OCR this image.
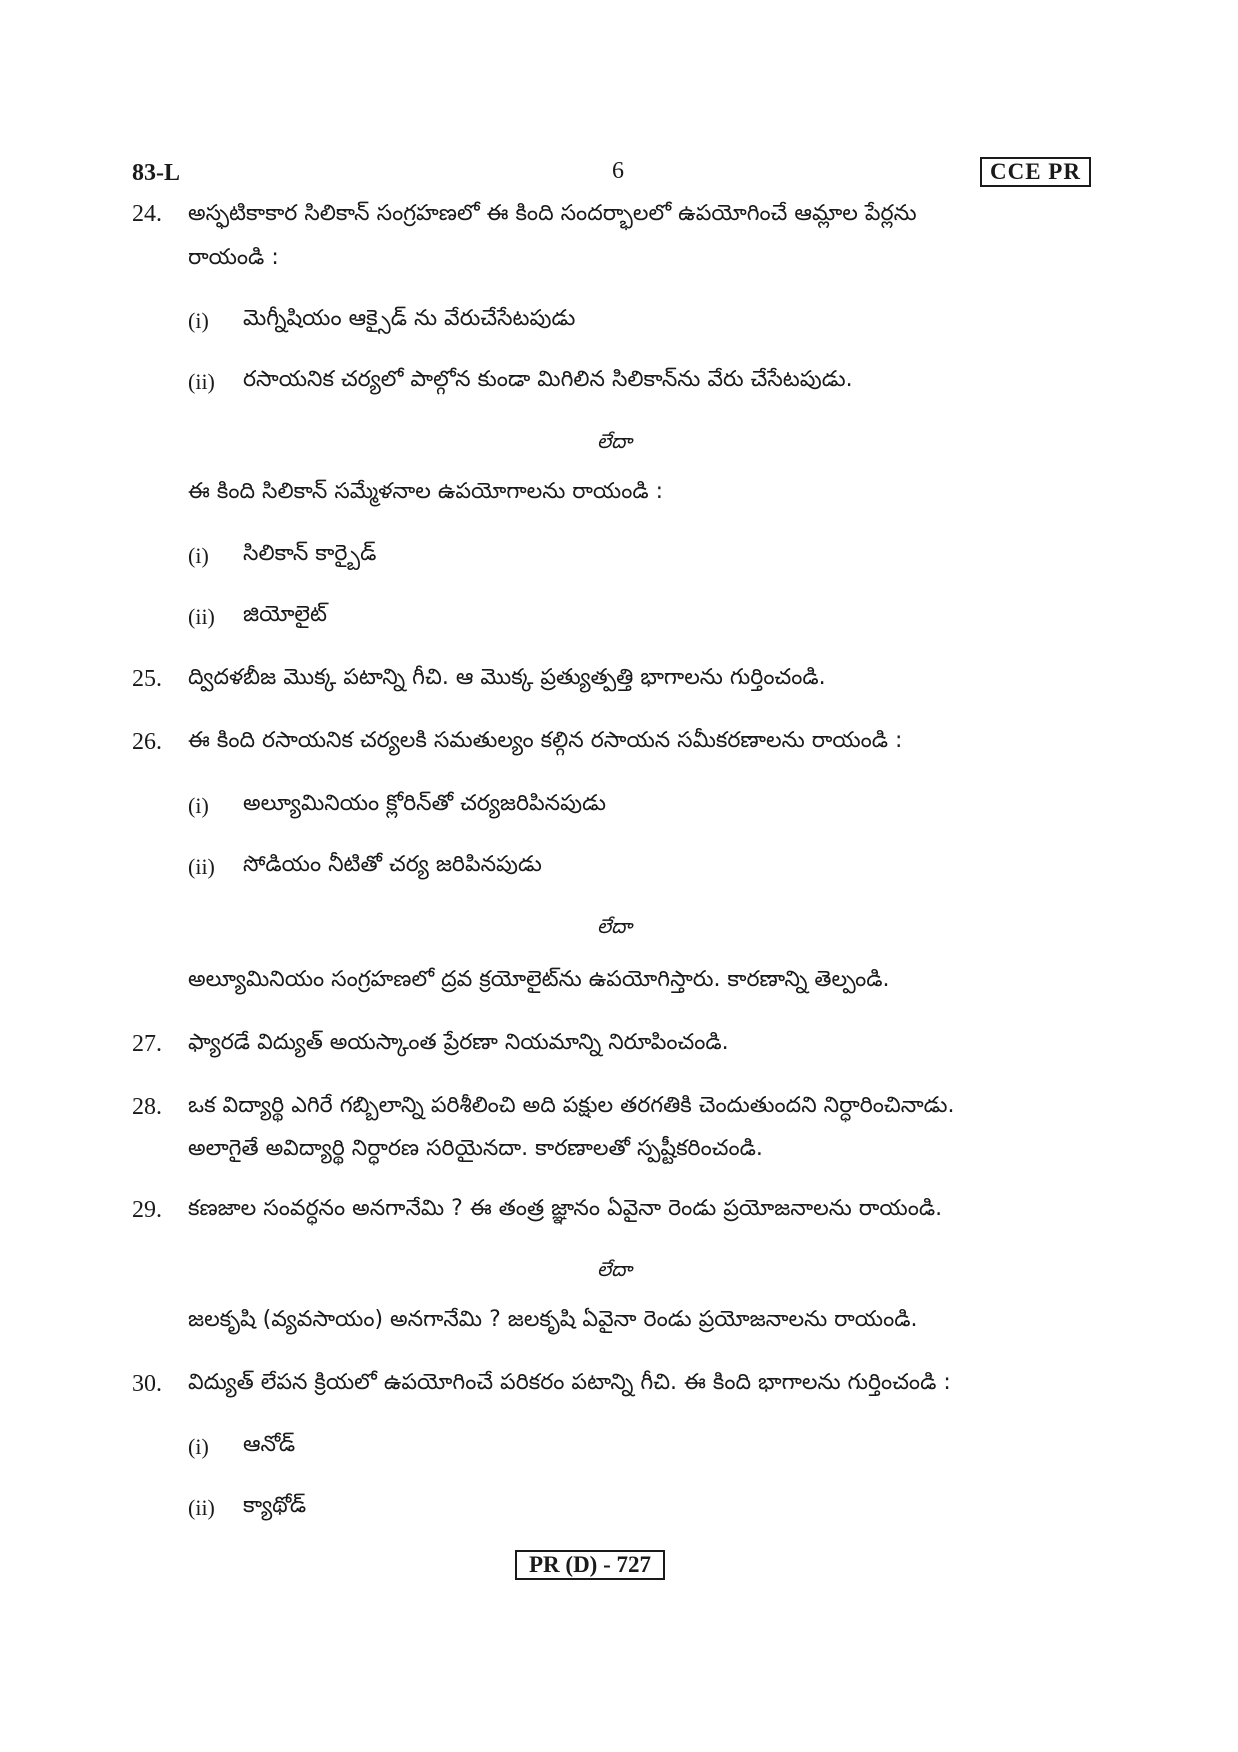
83-L	6	CCE PR
24. అస్ఫటికాకార సిలికాన్ సంగ్రహణలో ఈ కింది సందర్భాలలో ఉపయోగించే ఆమ్లాల పేర్లను
రాయండి :
(i) మెగ్నీషియం ఆక్సైడ్ ను వేరుచేసేటపుడు
(ii) రసాయనిక చర్యలో పాల్గోన కుండా మిగిలిన సిలికాన్‌ను వేరు చేసేటపుడు.
లేదా
ఈ కింది సిలికాన్ సమ్మేళనాల ఉపయోగాలను రాయండి :
(i) సిలికాన్ కార్బైడ్
(ii) జియోలైట్
25. ద్విదళబీజ మొక్క పటాన్ని గీచి. ఆ మొక్క ప్రత్యుత్పత్తి భాగాలను గుర్తించండి.
26. ఈ కింది రసాయనిక చర్యలకి సమతుల్యం కల్గిన రసాయన సమీకరణాలను రాయండి :
(i) అల్యూమినియం క్లోరిన్‌తో చర్యజరిపినపుడు
(ii) సోడియం నీటితో చర్య జరిపినపుడు
లేదా
అల్యూమినియం సంగ్రహణలో ద్రవ క్రయోలైట్‌ను ఉపయోగిస్తారు. కారణాన్ని తెల్పండి.
27. ఫ్యారడే విద్యుత్ అయస్కాంత ప్రేరణా నియమాన్ని నిరూపించండి.
28. ఒక విద్యార్థి ఎగిరే గబ్బిలాన్ని పరిశీలించి అది పక్షుల తరగతికి చెందుతుందని నిర్ధారించినాడు.
అలాగైతే అవిద్యార్థి నిర్ధారణ సరియైనదా. కారణాలతో స్పష్టీకరించండి.
29. కణజాల సంవర్ధనం అనగానేమి ? ఈ తంత్ర జ్ఞానం ఏవైనా రెండు ప్రయోజనాలను రాయండి.
లేదా
జలకృషి (వ్యవసాయం) అనగానేమి ? జలకృషి ఏవైనా రెండు ప్రయోజనాలను రాయండి.
30. విద్యుత్ లేపన క్రియలో ఉపయోగించే పరికరం పటాన్ని గీచి. ఈ కింది భాగాలను గుర్తించండి :
(i) ఆనోడ్
(ii) క్యాథోడ్
PR (D) - 727
